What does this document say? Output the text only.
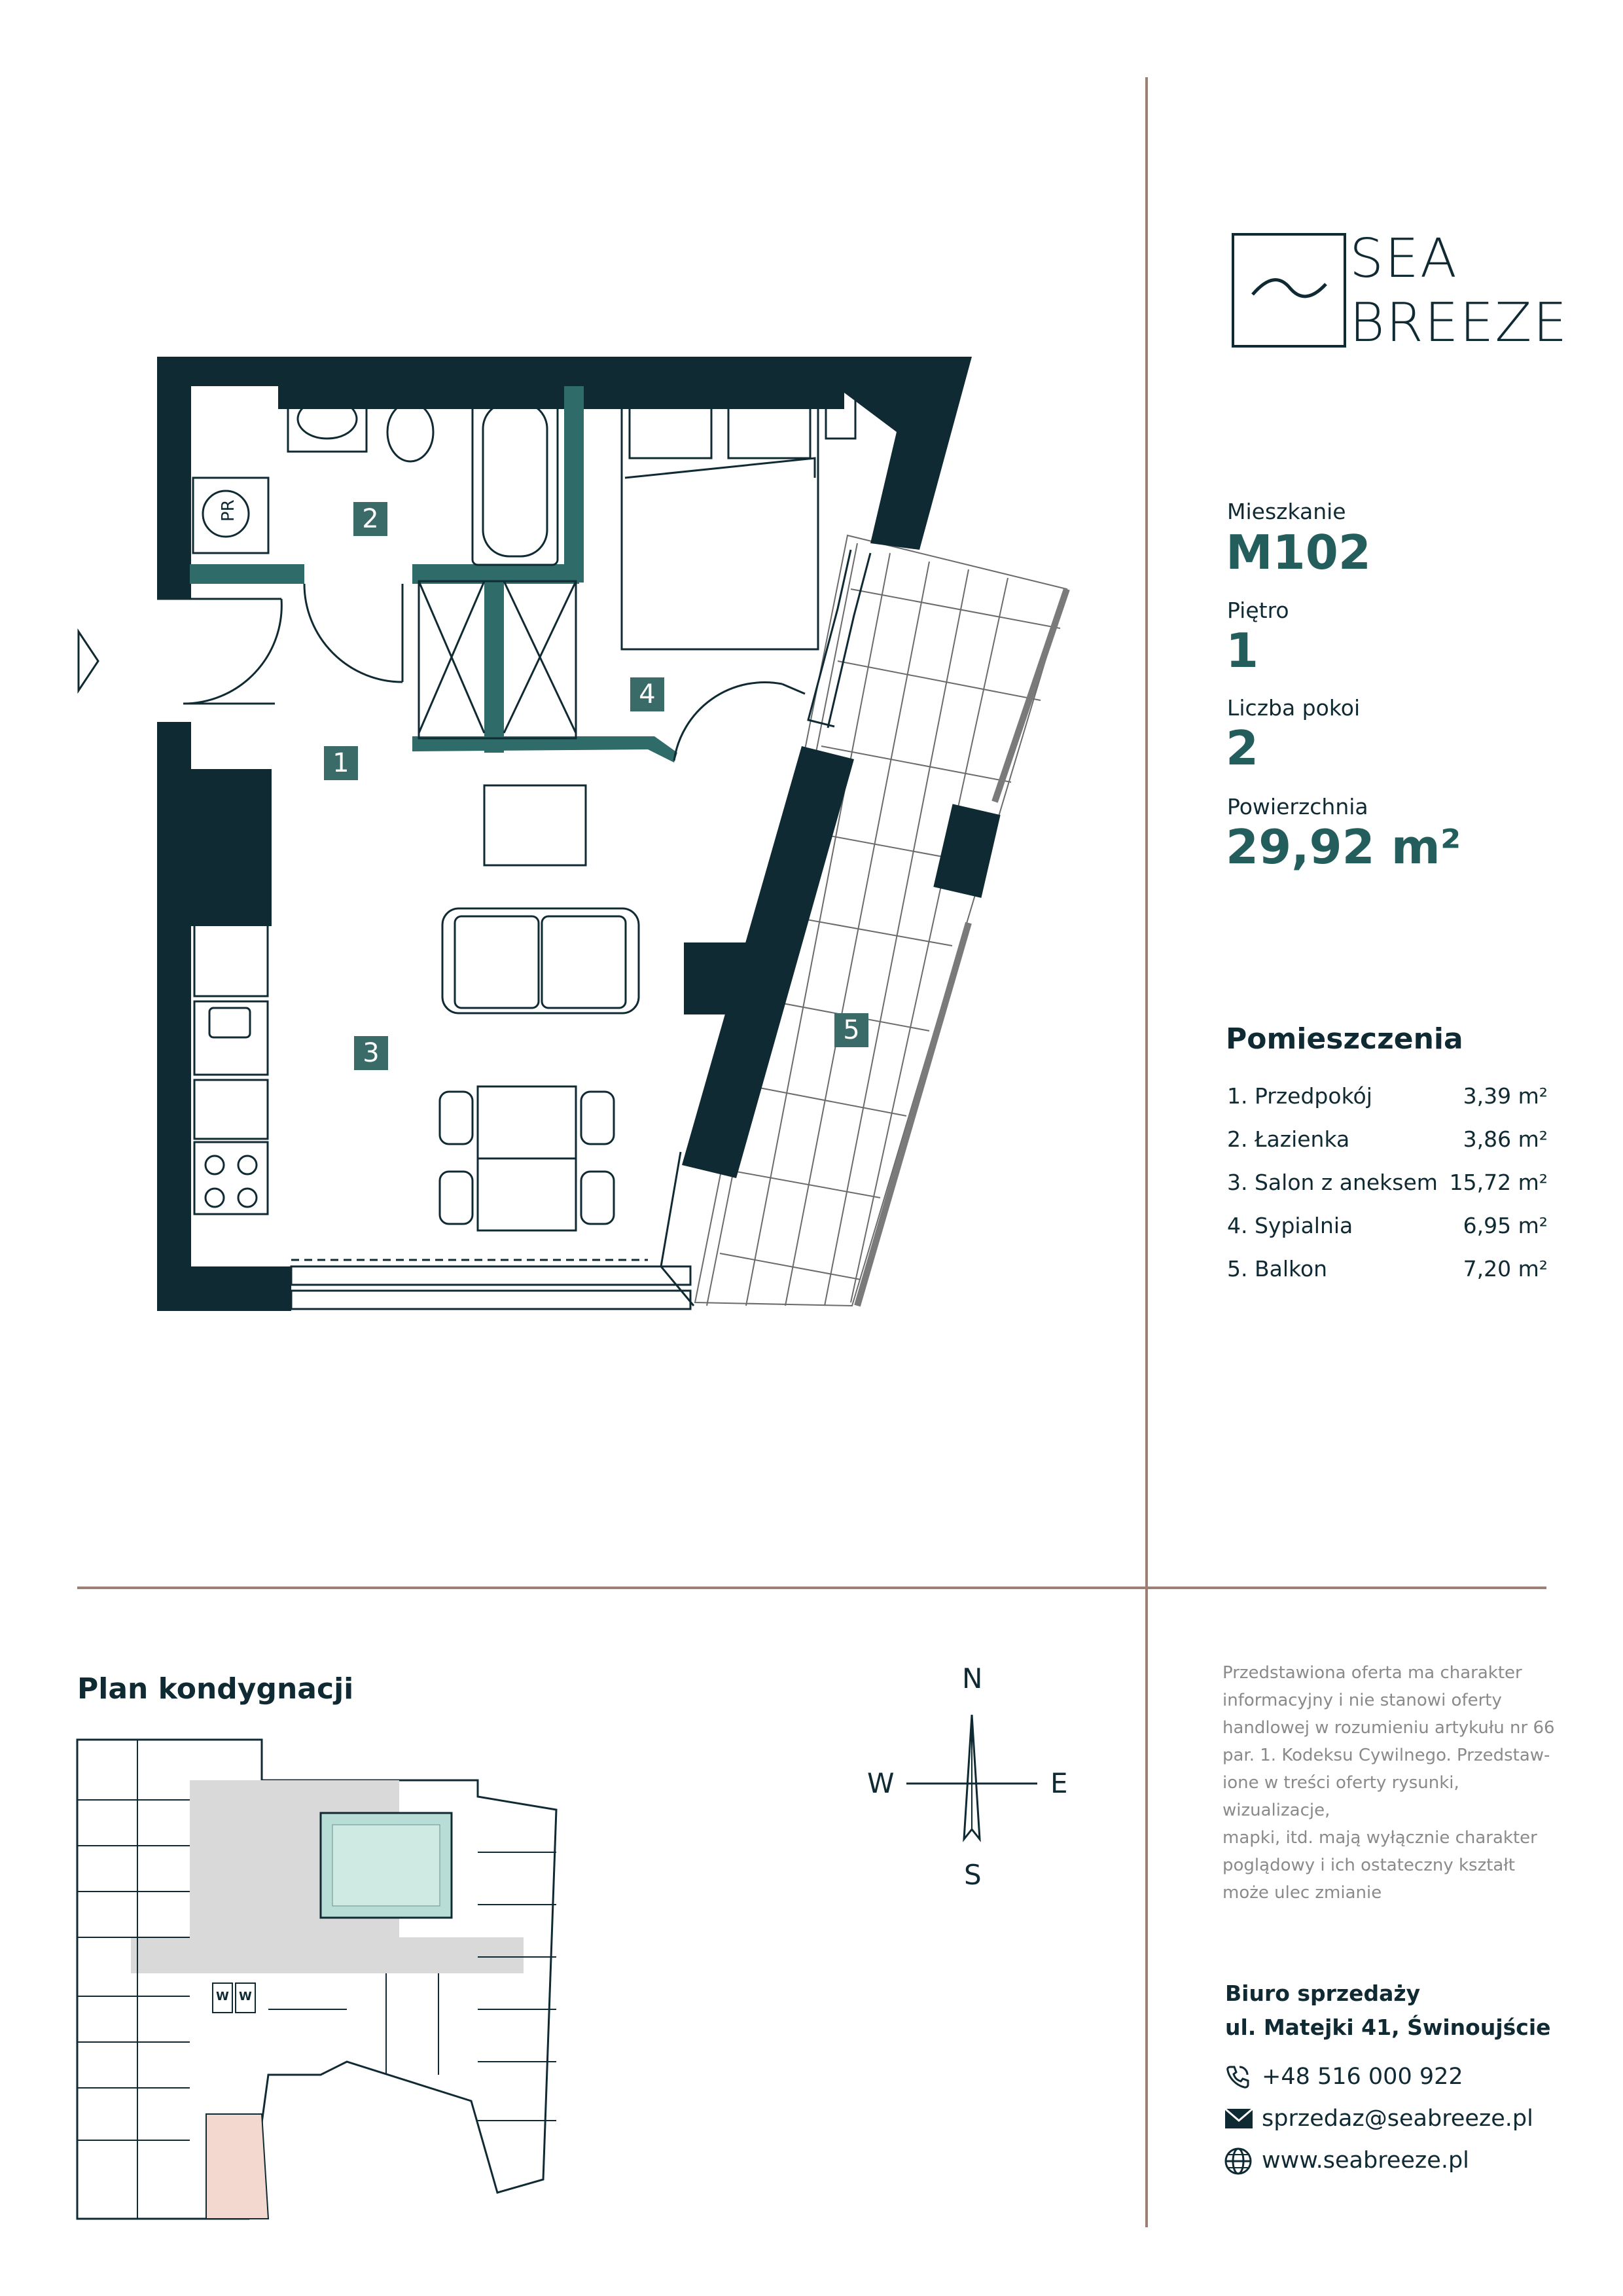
SEA
BREEZE
Mieszkanie
M102
Piętro
1
Liczba pokoi
2
Powierzchnia
29,92 m²
Pomieszczenia
1. Przedpokój	3,39 m²
2. Łazienka	3,86 m²
3. Salon z aneksem 15,72 m²
4. Sypialnia	6,95 m²
5. Balkon	7,20 m²
PR
1
2
3
4
5
Plan kondygnacji
W W
N
S
W	E
Przedstawiona oferta ma charakter
informacyjny i nie stanowi oferty
handlowej w rozumieniu artykułu nr 66
par. 1. Kodeksu Cywilnego. Przedstaw-
ione w treści oferty rysunki, wizualizacje,
mapki, itd. mają wyłącznie charakter
poglądowy i ich ostateczny kształt
może ulec zmianie
Biuro sprzedaży
ul. Matejki 41, Świnoujście
+48 516 000 922
sprzedaz@seabreeze.pl
www.seabreeze.pl
